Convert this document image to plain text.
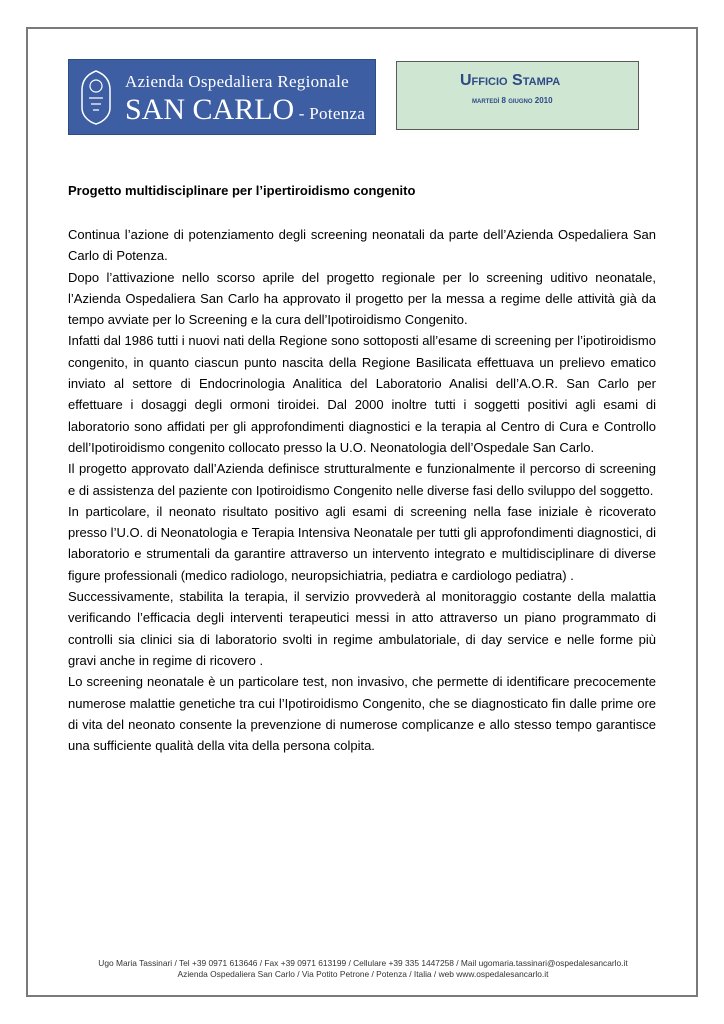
Azienda Ospedaliera Regionale
SAN CARLO - Potenza
Ufficio Stampa
martedì 8 giugno 2010
Progetto multidisciplinare per l’ipertiroidismo congenito

Continua l’azione di potenziamento degli screening neonatali da parte dell’Azienda Ospedaliera San Carlo di Potenza.

Dopo l’attivazione nello scorso aprile del progetto regionale per lo screening uditivo neonatale, l’Azienda Ospedaliera San Carlo ha approvato il progetto per la messa a regime delle attività già da tempo avviate per lo Screening e la cura dell’Ipotiroidismo Congenito.

Infatti dal 1986 tutti i nuovi nati della Regione sono sottoposti all’esame di screening per l’ipotiroidismo congenito, in quanto ciascun punto nascita della Regione Basilicata effettuava un prelievo ematico inviato al settore di Endocrinologia Analitica del Laboratorio Analisi dell’A.O.R. San Carlo per effettuare i dosaggi degli ormoni tiroidei. Dal 2000 inoltre tutti i soggetti positivi agli esami di laboratorio sono affidati per gli approfondimenti diagnostici e la terapia al Centro di Cura e Controllo dell’Ipotiroidismo congenito collocato presso la U.O. Neonatologia dell’Ospedale San Carlo.

Il progetto approvato dall’Azienda definisce strutturalmente e funzionalmente il percorso di screening e di assistenza del paziente con Ipotiroidismo Congenito nelle diverse fasi dello sviluppo del soggetto.

In particolare, il neonato risultato positivo agli esami di screening nella fase iniziale è ricoverato presso l’U.O. di Neonatologia e Terapia Intensiva Neonatale per tutti gli approfondimenti diagnostici, di laboratorio e strumentali da garantire attraverso un intervento integrato e multidisciplinare di diverse figure professionali (medico radiologo, neuropsichiatria, pediatra e cardiologo pediatra) .

Successivamente, stabilita la terapia, il servizio provvederà al monitoraggio costante della malattia verificando l’efficacia degli interventi terapeutici messi in atto attraverso un piano programmato di controlli sia clinici sia di laboratorio svolti in regime ambulatoriale, di day service e nelle forme più gravi anche in regime di ricovero .

Lo screening neonatale è un particolare test, non invasivo, che permette di identificare precocemente numerose malattie genetiche tra cui l’Ipotiroidismo Congenito, che se diagnosticato fin dalle prime ore di vita del neonato consente la prevenzione di numerose complicanze e allo stesso tempo garantisce una sufficiente qualità della vita della persona colpita.

Ugo Maria Tassinari / Tel +39 0971 613646 / Fax +39 0971 613199 / Cellulare +39 335 1447258 / Mail ugomaria.tassinari@ospedalesancarlo.it
Azienda Ospedaliera San Carlo / Via Potito Petrone / Potenza / Italia / web www.ospedalesancarlo.it
